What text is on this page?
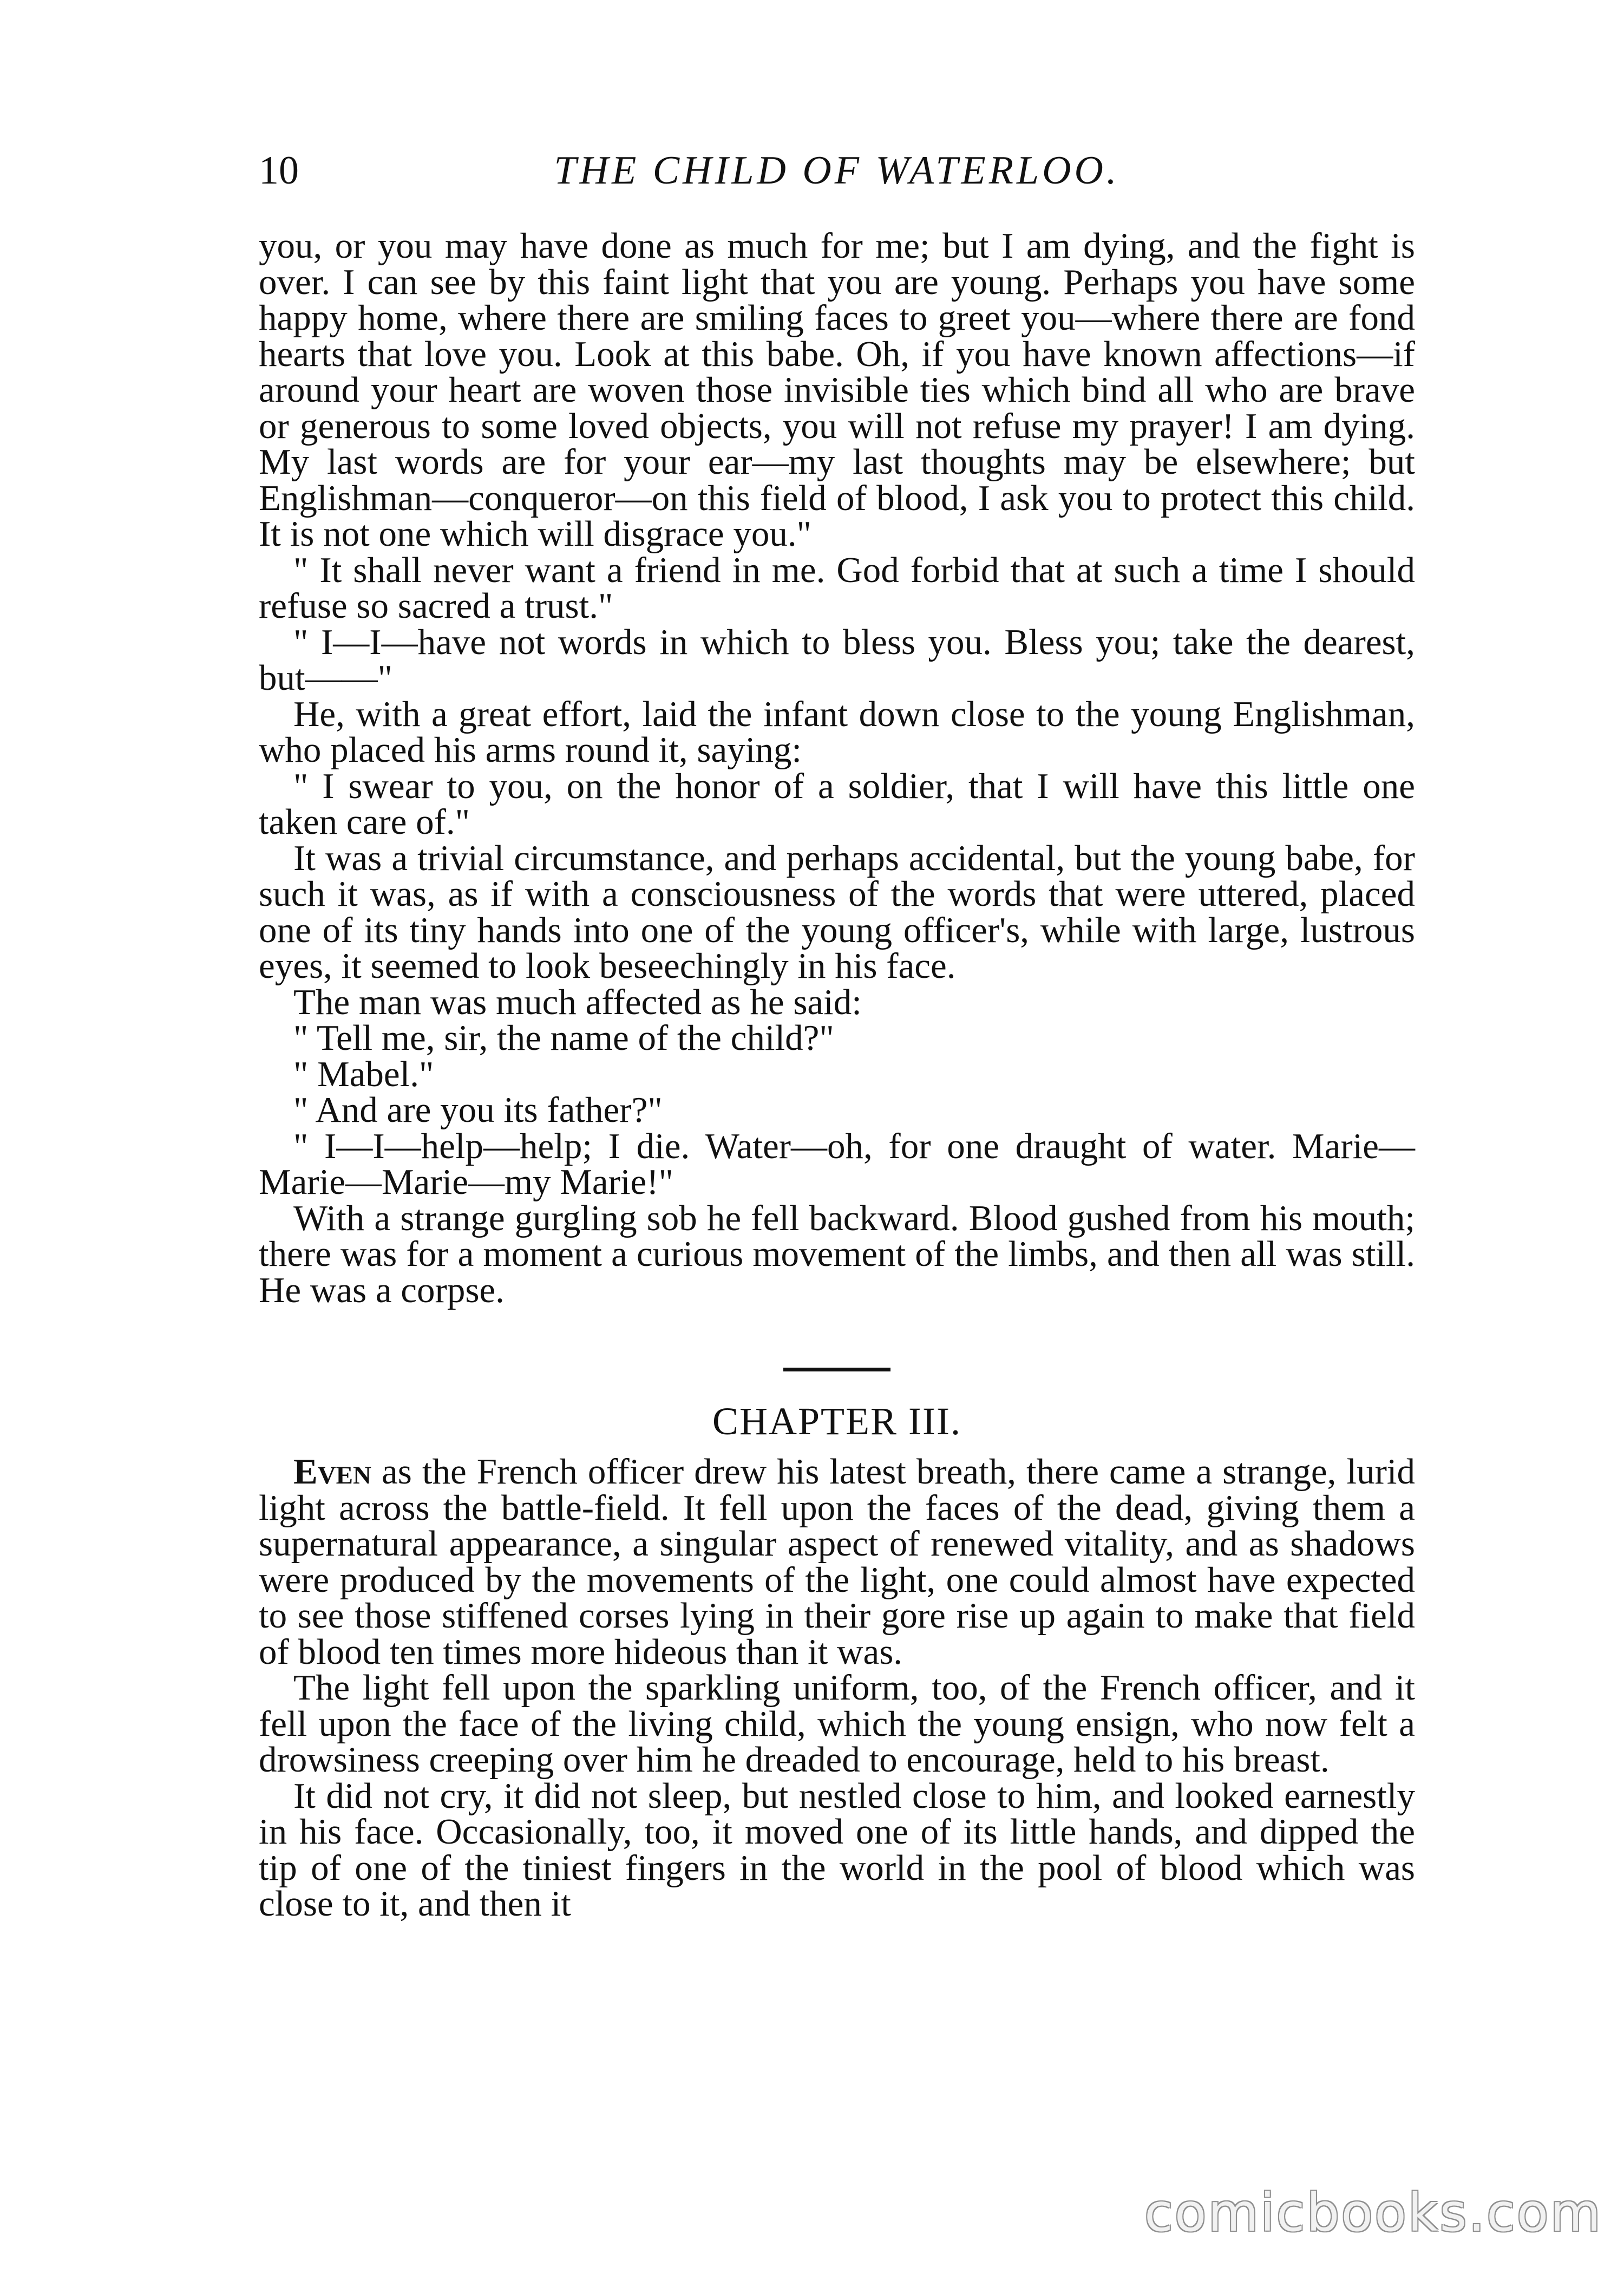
10	THE CHILD OF WATERLOO.

you, or you may have done as much for me; but I am dying, and the fight is over. I can see by this faint light that you are young. Perhaps you have some happy home, where there are smiling faces to greet you—where there are fond hearts that love you. Look at this babe. Oh, if you have known affections—if around your heart are woven those invisible ties which bind all who are brave or generous to some loved objects, you will not refuse my prayer! I am dying. My last words are for your ear—my last thoughts may be elsewhere; but Englishman—conqueror—on this field of blood, I ask you to protect this child. It is not one which will disgrace you."

" It shall never want a friend in me. God forbid that at such a time I should refuse so sacred a trust."

" I—I—have not words in which to bless you. Bless you; take the dearest, but——"

He, with a great effort, laid the infant down close to the young Englishman, who placed his arms round it, saying:

" I swear to you, on the honor of a soldier, that I will have this little one taken care of."

It was a trivial circumstance, and perhaps accidental, but the young babe, for such it was, as if with a consciousness of the words that were uttered, placed one of its tiny hands into one of the young officer's, while with large, lustrous eyes, it seemed to look beseechingly in his face.

The man was much affected as he said:

" Tell me, sir, the name of the child?"

" Mabel."

" And are you its father?"

" I—I—help—help; I die. Water—oh, for one draught of water. Marie—Marie—Marie—my Marie!"

With a strange gurgling sob he fell backward. Blood gushed from his mouth; there was for a moment a curious movement of the limbs, and then all was still. He was a corpse.

CHAPTER III.

Even as the French officer drew his latest breath, there came a strange, lurid light across the battle-field. It fell upon the faces of the dead, giving them a supernatural appearance, a singular aspect of renewed vitality, and as shadows were produced by the movements of the light, one could almost have expected to see those stiffened corses lying in their gore rise up again to make that field of blood ten times more hideous than it was.

The light fell upon the sparkling uniform, too, of the French officer, and it fell upon the face of the living child, which the young ensign, who now felt a drowsiness creeping over him he dreaded to encourage, held to his breast.

It did not cry, it did not sleep, but nestled close to him, and looked earnestly in his face. Occasionally, too, it moved one of its little hands, and dipped the tip of one of the tiniest fingers in the world in the pool of blood which was close to it, and then it

comicbooks.com
